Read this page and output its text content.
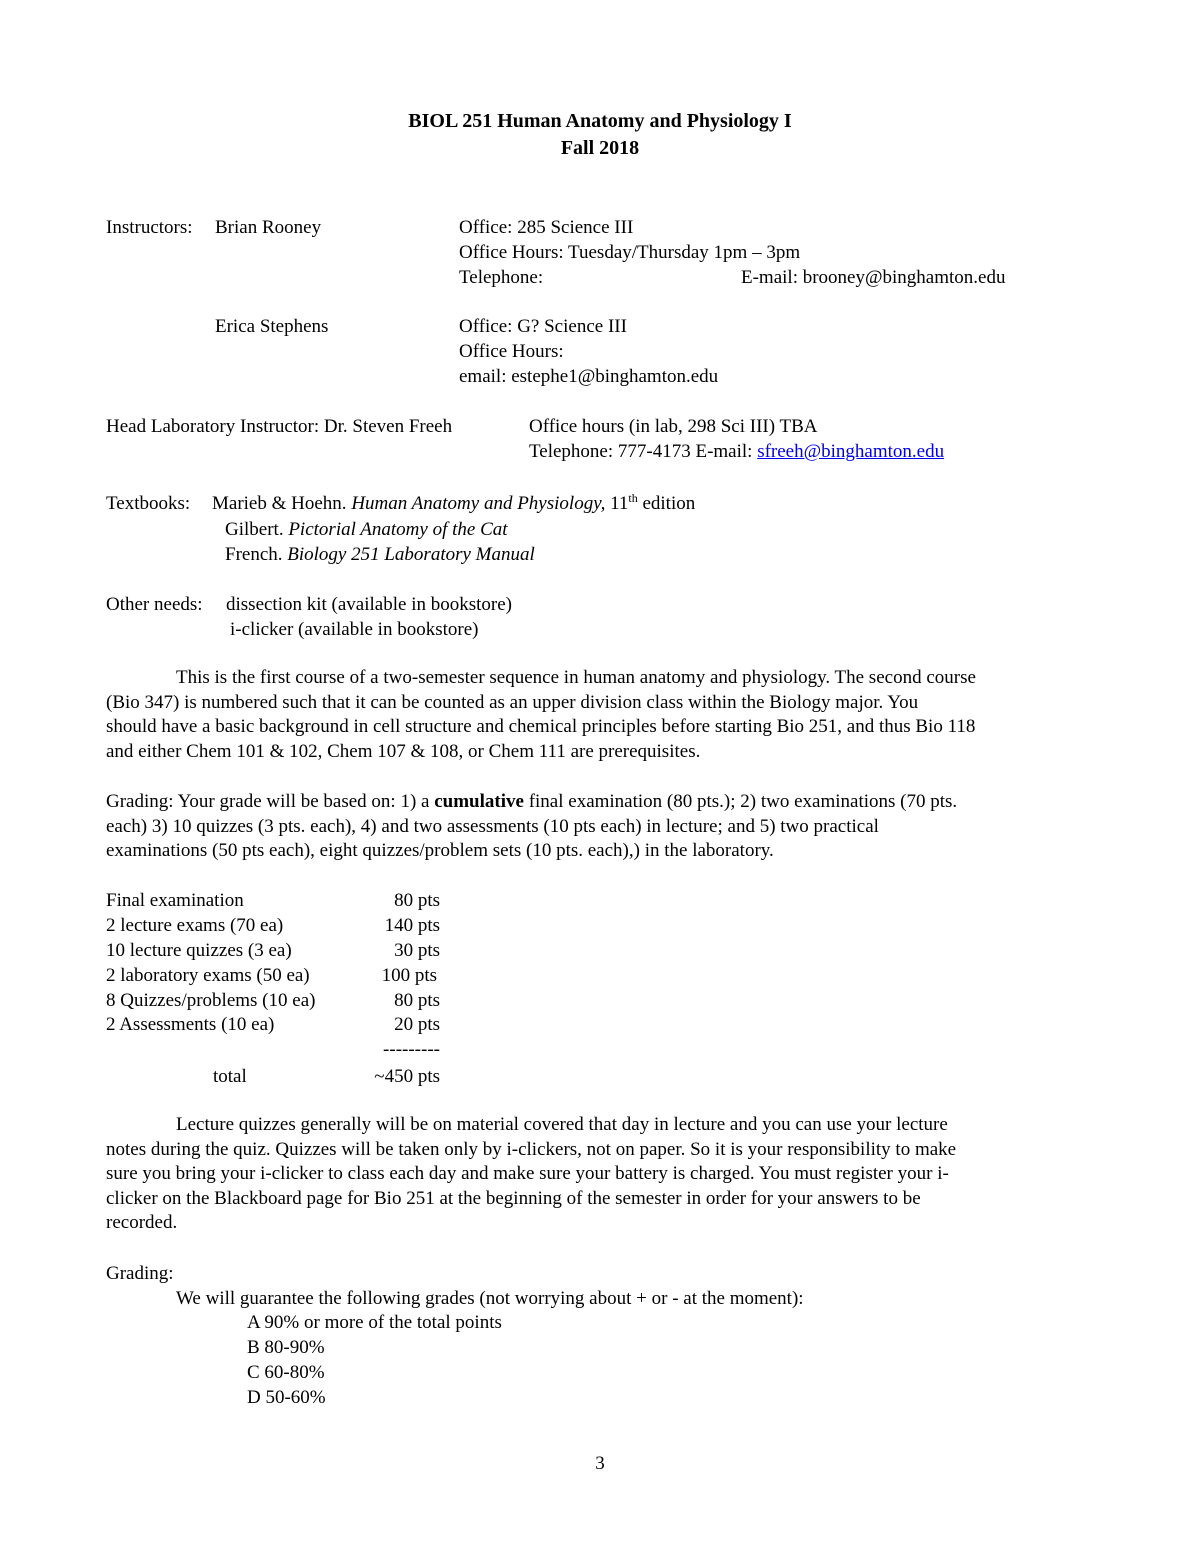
BIOL 251 Human Anatomy and Physiology I
Fall 2018
Instructors: Brian Rooney	Office: 285 Science III
Office Hours: Tuesday/Thursday 1pm – 3pm
Telephone:	E-mail: brooney@binghamton.edu
Erica Stephens	Office: G? Science III
Office Hours:
email: estephe1@binghamton.edu
Head Laboratory Instructor: Dr. Steven Freeh	Office hours (in lab, 298 Sci III) TBA
Telephone: 777-4173 E-mail: sfreeh@binghamton.edu
Textbooks: Marieb & Hoehn. Human Anatomy and Physiology, 11th edition
Gilbert. Pictorial Anatomy of the Cat
French. Biology 251 Laboratory Manual
Other needs: dissection kit (available in bookstore)
i-clicker (available in bookstore)
This is the first course of a two-semester sequence in human anatomy and physiology. The second course
(Bio 347) is numbered such that it can be counted as an upper division class within the Biology major. You
should have a basic background in cell structure and chemical principles before starting Bio 251, and thus Bio 118
and either Chem 101 & 102, Chem 107 & 108, or Chem 111 are prerequisites.
Grading: Your grade will be based on: 1) a cumulative final examination (80 pts.); 2) two examinations (70 pts.
each) 3) 10 quizzes (3 pts. each), 4) and two assessments (10 pts each) in lecture; and 5) two practical
examinations (50 pts each), eight quizzes/problem sets (10 pts. each),) in the laboratory.
Final examination	80 pts
2 lecture exams (70 ea)	140 pts
10 lecture quizzes (3 ea)	30 pts
2 laboratory exams (50 ea)	100 pts
8 Quizzes/problems (10 ea)	80 pts
2 Assessments (10 ea)	20 pts
---------
total	~450 pts
Lecture quizzes generally will be on material covered that day in lecture and you can use your lecture
notes during the quiz. Quizzes will be taken only by i-clickers, not on paper. So it is your responsibility to make
sure you bring your i-clicker to class each day and make sure your battery is charged. You must register your i-
clicker on the Blackboard page for Bio 251 at the beginning of the semester in order for your answers to be
recorded.
Grading:
We will guarantee the following grades (not worrying about + or - at the moment):
A 90% or more of the total points
B 80-90%
C 60-80%
D 50-60%
3
